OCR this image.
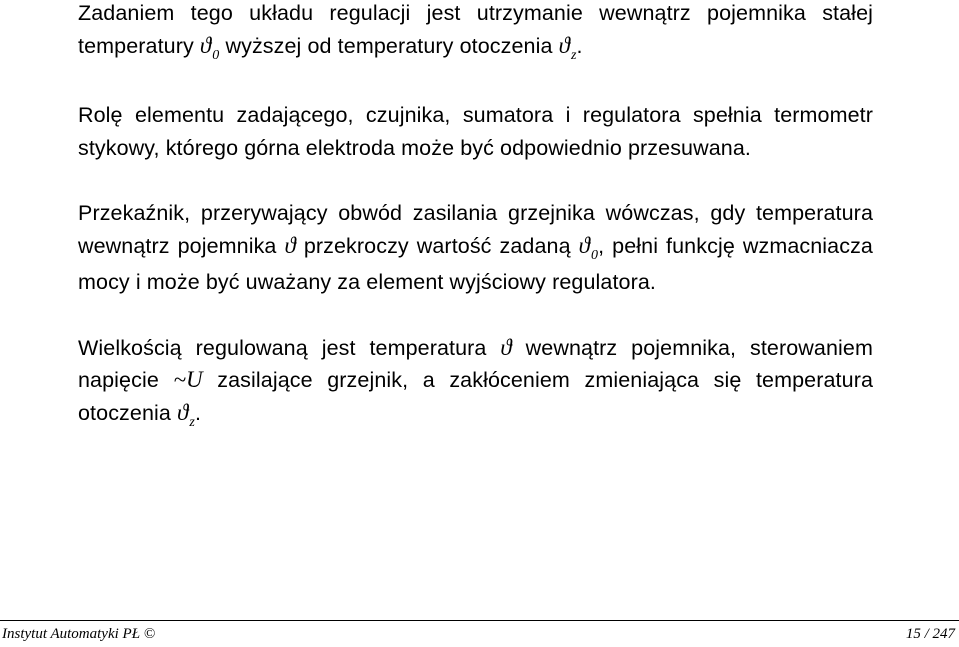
Zadaniem tego układu regulacji jest utrzymanie wewnątrz pojemnika stałej temperatury $ϑ_0$ wyższej od temperatury otoczenia $ϑ_z$.

Rolę elementu zadającego, czujnika, sumatora i regulatora spełnia termometr stykowy, którego górna elektroda może być odpowiednio przesuwana.

Przekaźnik, przerywający obwód zasilania grzejnika wówczas, gdy temperatura wewnątrz pojemnika ϑ przekroczy wartość zadaną $ϑ_0$, pełni funkcję wzmacniacza mocy i może być uważany za element wyjściowy regulatora.

Wielkością regulowaną jest temperatura ϑ wewnątrz pojemnika, sterowaniem napięcie ~U zasilające grzejnik, a zakłóceniem zmieniająca się temperatura otoczenia $ϑ_z$.

Instytut Automatyki PŁ ©	15 / 247
